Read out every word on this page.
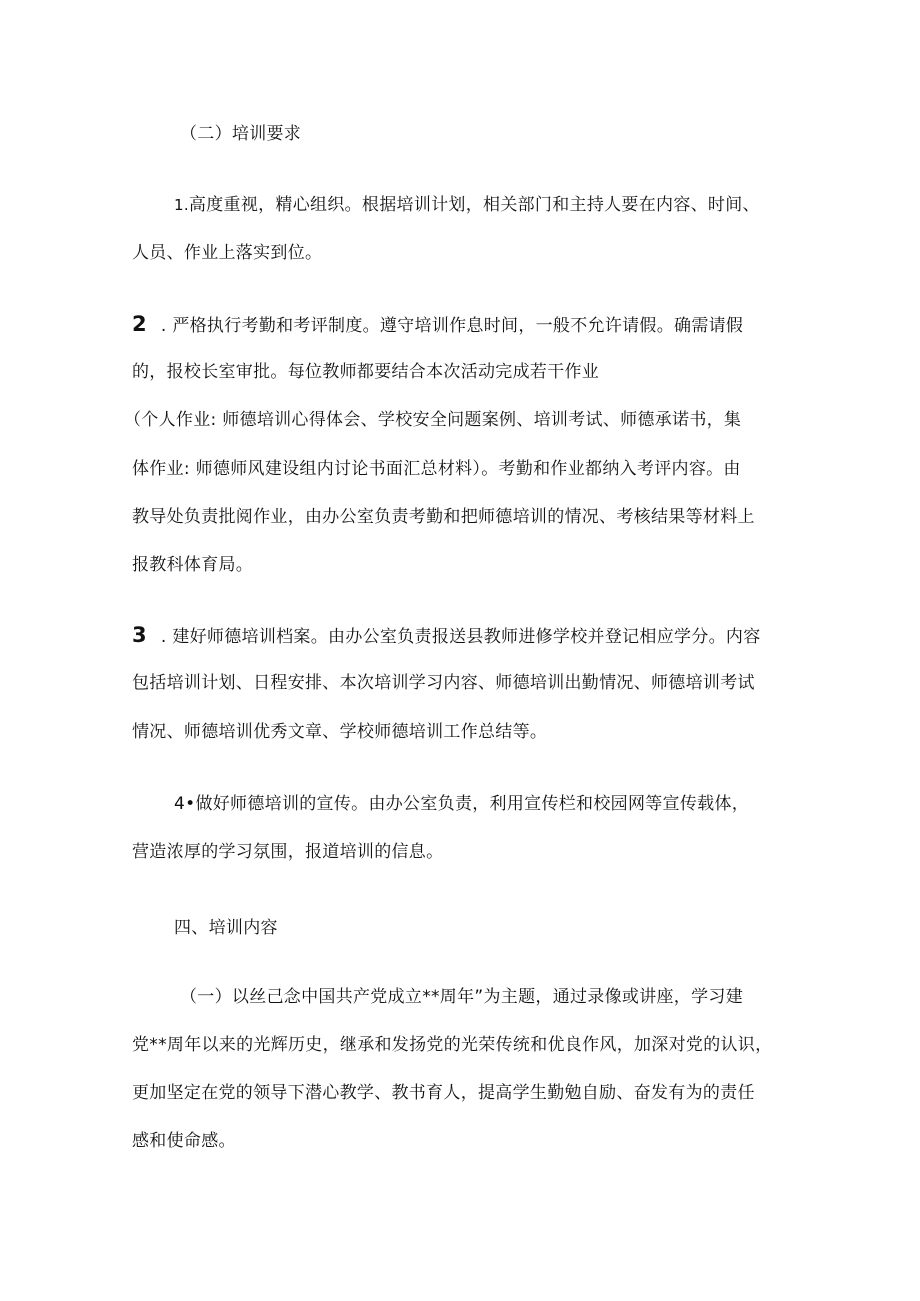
（二）培训要求
1.高度重视，精心组织。根据培训计划，相关部门和主持人要在内容、时间、
人员、作业上落实到位。
2 . 严格执行考勤和考评制度。遵守培训作息时间，一般不允许请假。确需请假
的，报校长室审批。每位教师都要结合本次活动完成若干作业
（个人作业: 师德培训心得体会、学校安全问题案例、培训考试、师德承诺书，集
体作业: 师德师风建设组内讨论书面汇总材料）。考勤和作业都纳入考评内容。由
教导处负责批阅作业，由办公室负责考勤和把师德培训的情况、考核结果等材料上
报教科体育局。
3 . 建好师德培训档案。由办公室负责报送县教师进修学校并登记相应学分。内容
包括培训计划、日程安排、本次培训学习内容、师德培训出勤情况、师德培训考试
情况、师德培训优秀文章、学校师德培训工作总结等。
4•做好师德培训的宣传。由办公室负责，利用宣传栏和校园网等宣传载体，
营造浓厚的学习氛围，报道培训的信息。
四、培训内容
（一）以丝己念中国共产党成立**周年”为主题，通过录像或讲座，学习建
党**周年以来的光辉历史，继承和发扬党的光荣传统和优良作风，加深对党的认识，
更加坚定在党的领导下潜心教学、教书育人，提高学生勤勉自励、奋发有为的责任
感和使命感。
